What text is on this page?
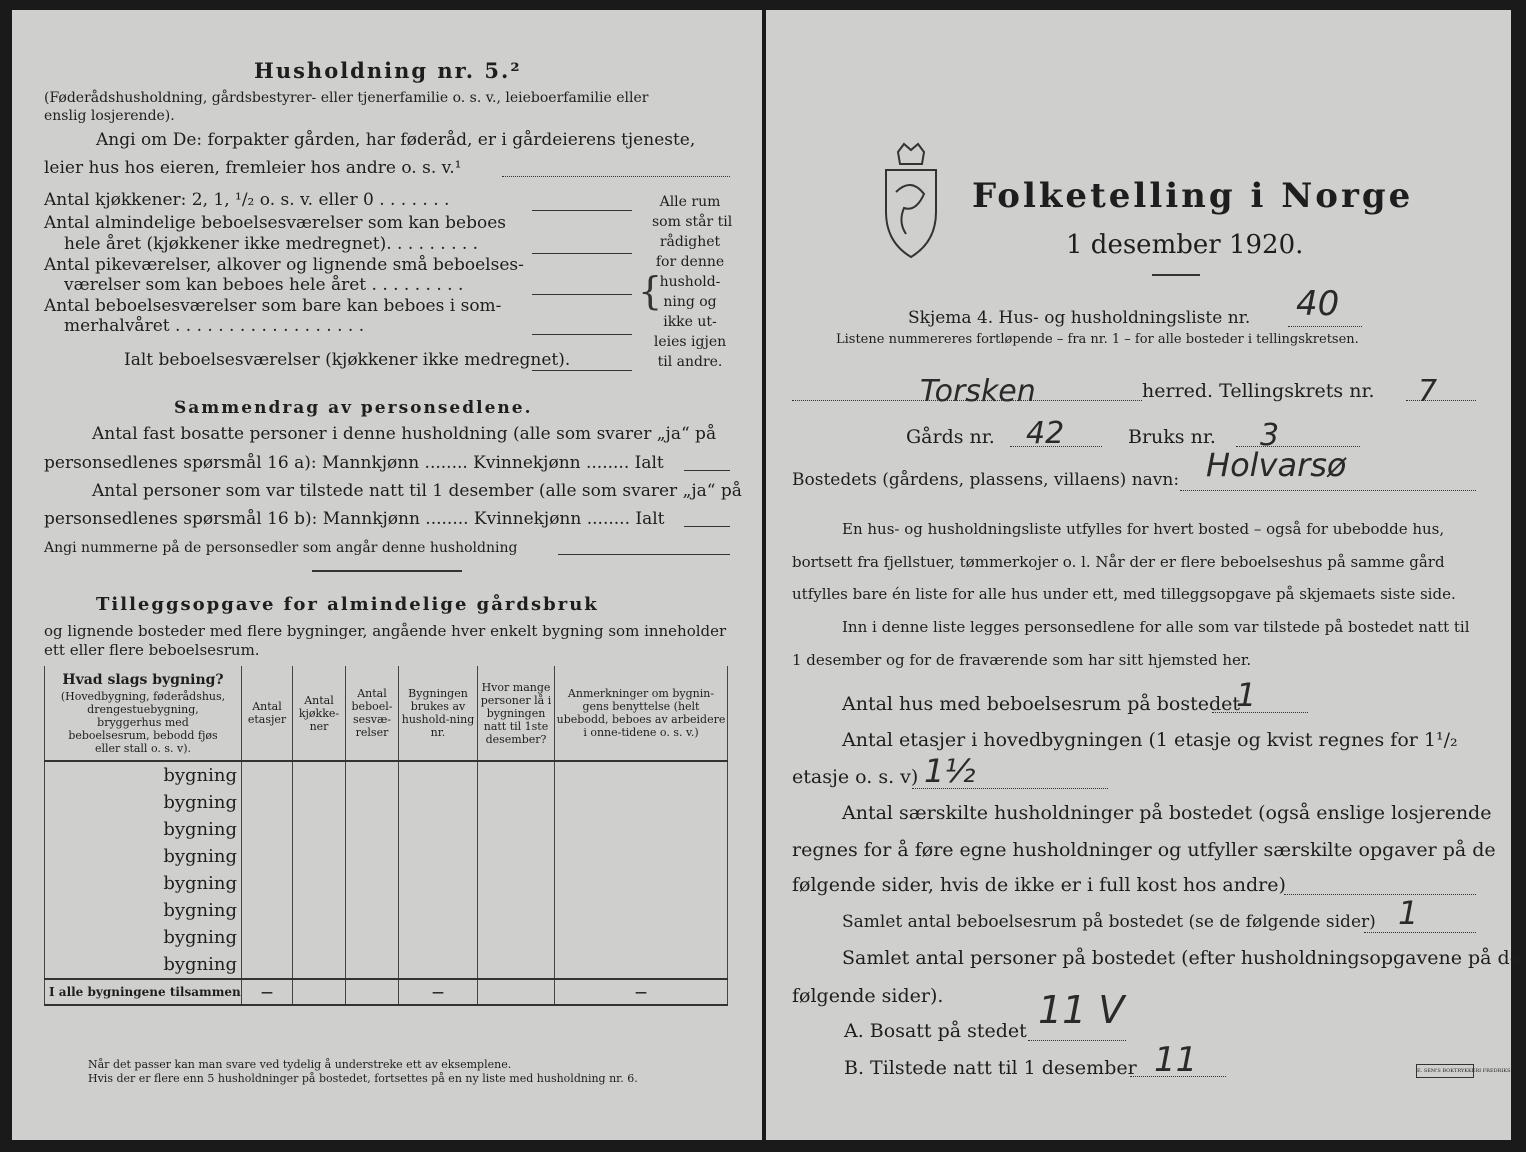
Husholdning nr. 5.²
(Føderådshusholdning, gårdsbestyrer- eller tjenerfamilie o. s. v., leieboerfamilie eller
enslig losjerende).
Angi om De: forpakter gården, har føderåd, er i gårdeierens tjeneste,
leier hus hos eieren, fremleier hos andre o. s. v.¹
Antal kjøkkener: 2, 1, ¹/₂ o. s. v. eller 0 . . . . . . .
Antal almindelige beboelsesværelser som kan beboes
hele året (kjøkkener ikke medregnet). . . . . . . . .
Antal pikeværelser, alkover og lignende små beboelses-
værelser som kan beboes hele året . . . . . . . . .
Antal beboelsesværelser som bare kan beboes i som-
merhalvåret . . . . . . . . . . . . . . . . . .
Ialt beboelsesværelser (kjøkkener ikke medregnet).
{
Alle rum
som står til
rådighet
for denne
hushold-
ning og
ikke ut-
leies igjen
til andre.
Sammendrag av personsedlene.
Antal fast bosatte personer i denne husholdning (alle som svarer „ja“ på
personsedlenes spørsmål 16 a): Mannkjønn ........ Kvinnekjønn ........ Ialt
Antal personer som var tilstede natt til 1 desember (alle som svarer „ja“ på
personsedlenes spørsmål 16 b): Mannkjønn ........ Kvinnekjønn ........ Ialt
Angi nummerne på de personsedler som angår denne husholdning
Tilleggsopgave for almindelige gårdsbruk
og lignende bosteder med flere bygninger, angående hver enkelt bygning som inneholder
ett eller flere beboelsesrum.
Hvad slags bygning?
(Hovedbygning, føderådshus, drengestuebygning, bryggerhus med beboelsesrum, bebodd fjøs eller stall o. s. v).	Antal etasjer	Antal kjøkke-ner	Antal beboel-sesvæ-relser	Bygningen brukes av hushold-ning nr.	Hvor mange personer lå i bygningen natt til 1ste desember?	Anmerkninger om bygnin-gens benyttelse (helt ubebodd, beboes av arbeidere i onne-tidene o. s. v.)
bygning						
bygning						
bygning						
bygning						
bygning						
bygning						
bygning						
bygning						
I alle bygningene tilsammen	—			—		—
Når det passer kan man svare ved tydelig å understreke ett av eksemplene.
Hvis der er flere enn 5 husholdninger på bostedet, fortsettes på en ny liste med husholdning nr. 6.
Folketelling i Norge
1 desember 1920.
Skjema 4. Hus- og husholdningsliste nr. 40
Listene nummereres fortløpende – fra nr. 1 – for alle bosteder i tellingskretsen.
Torsken	herred. Tellingskrets nr. 7
Gårds nr. 42	Bruks nr. 3
Bostedets (gårdens, plassens, villaens) navn: Holvarsø
En hus- og husholdningsliste utfylles for hvert bosted – også for ubebodde hus,
bortsett fra fjellstuer, tømmerkojer o. l. Når der er flere beboelseshus på samme gård
utfylles bare én liste for alle hus under ett, med tilleggsopgave på skjemaets siste side.
Inn i denne liste legges personsedlene for alle som var tilstede på bostedet natt til
1 desember og for de fraværende som har sitt hjemsted her.
Antal hus med beboelsesrum på bostedet
1
Antal etasjer i hovedbygningen (1 etasje og kvist regnes for 1¹/₂
etasje o. s. v) 1½
Antal særskilte husholdninger på bostedet (også enslige losjerende
regnes for å føre egne husholdninger og utfyller særskilte opgaver på de
følgende sider, hvis de ikke er i full kost hos andre)
Samlet antal beboelsesrum på bostedet (se de følgende sider) 1
Samlet antal personer på bostedet (efter husholdningsopgavene på de
følgende sider).
A. Bosatt på stedet 11 V
B. Tilstede natt til 1 desember 11	E. SEM'S BOKTRYKKERI FREDRIKSHALD
